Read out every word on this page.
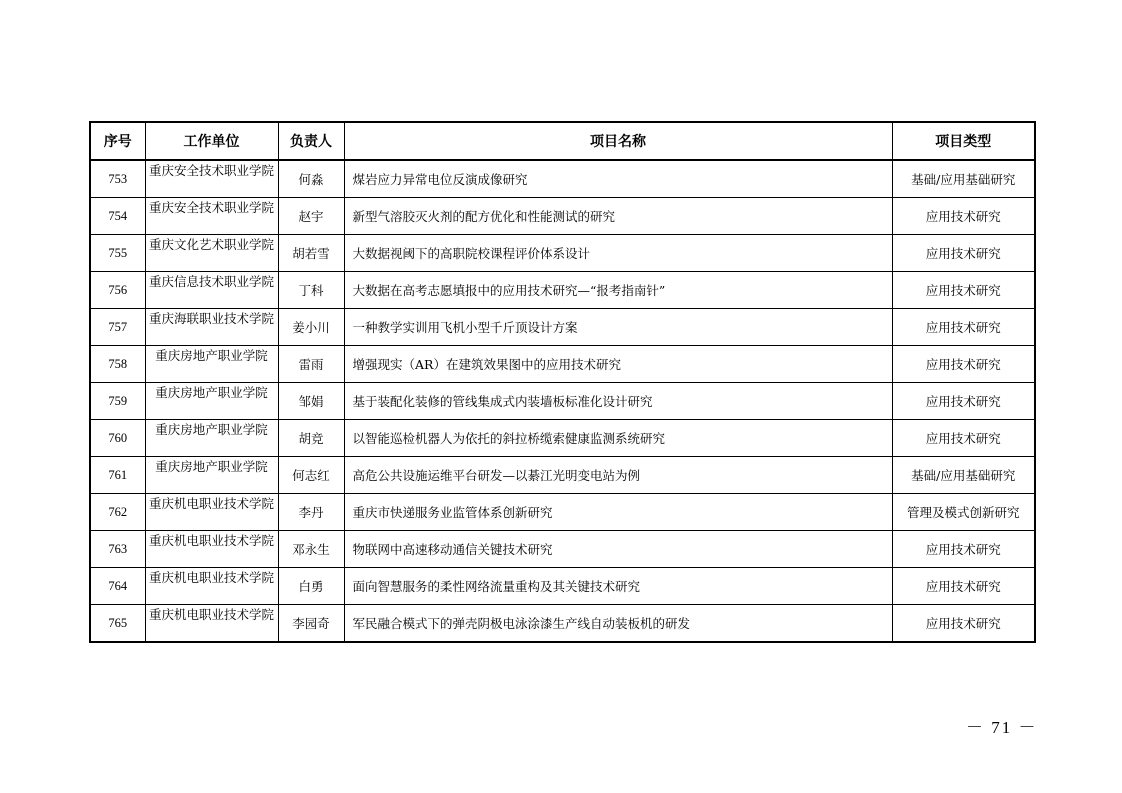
序号	工作单位	负责人	项目名称	项目类型
753	重庆安全技术职业学院	何淼	煤岩应力异常电位反演成像研究	基础/应用基础研究
754	重庆安全技术职业学院	赵宇	新型气溶胶灭火剂的配方优化和性能测试的研究	应用技术研究
755	重庆文化艺术职业学院	胡若雪	大数据视阈下的高职院校课程评价体系设计	应用技术研究
756	重庆信息技术职业学院	丁科	大数据在高考志愿填报中的应用技术研究—“报考指南针”	应用技术研究
757	重庆海联职业技术学院	姜小川	一种教学实训用飞机小型千斤顶设计方案	应用技术研究
758	重庆房地产职业学院	雷雨	增强现实（AR）在建筑效果图中的应用技术研究	应用技术研究
759	重庆房地产职业学院	邹娟	基于装配化装修的管线集成式内装墙板标准化设计研究	应用技术研究
760	重庆房地产职业学院	胡竞	以智能巡检机器人为依托的斜拉桥缆索健康监测系统研究	应用技术研究
761	重庆房地产职业学院	何志红	高危公共设施运维平台研发—以綦江光明变电站为例	基础/应用基础研究
762	重庆机电职业技术学院	李丹	重庆市快递服务业监管体系创新研究	管理及模式创新研究
763	重庆机电职业技术学院	邓永生	物联网中高速移动通信关键技术研究	应用技术研究
764	重庆机电职业技术学院	白勇	面向智慧服务的柔性网络流量重构及其关键技术研究	应用技术研究
765	重庆机电职业技术学院	李园奇	军民融合模式下的弹壳阴极电泳涂漆生产线自动装板机的研发	应用技术研究
－ 71 －
